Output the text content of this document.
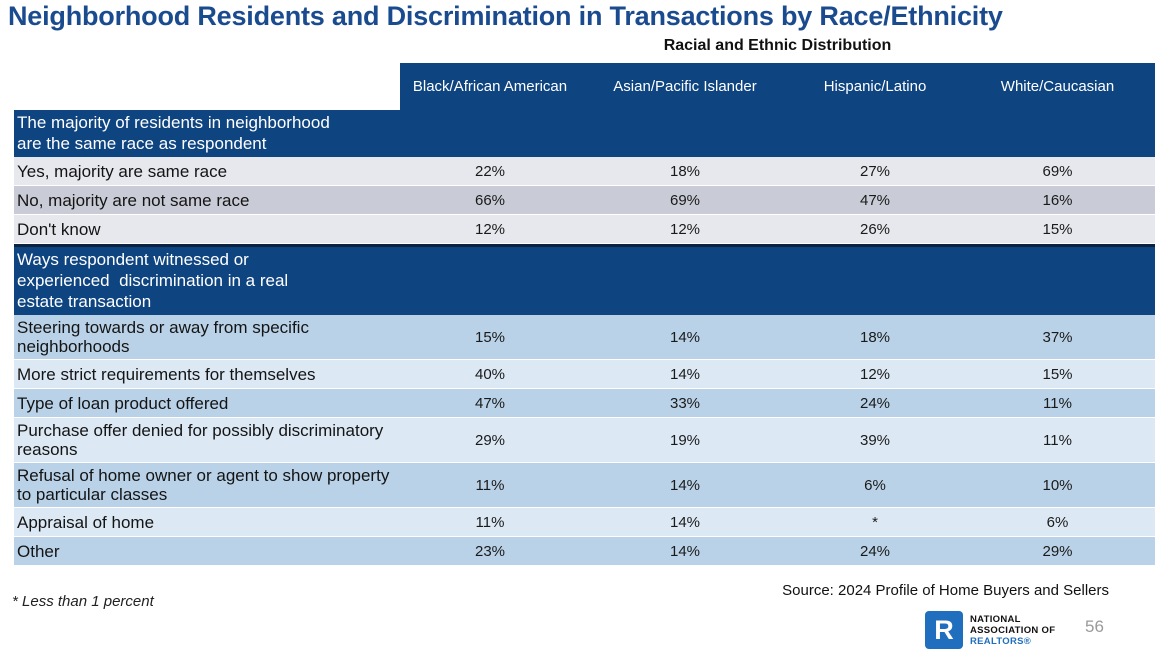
Neighborhood Residents and Discrimination in Transactions by Race/Ethnicity
Racial and Ethnic Distribution
Black/African American	Asian/Pacific Islander	Hispanic/Latino	White/Caucasian
The majority of residents in neighborhood are the same race as respondent
Yes, majority are same race	22%	18%	27%	69%
No, majority are not same race	66%	69%	47%	16%
Don't know	12%	12%	26%	15%
Ways respondent witnessed or experienced  discrimination in a real estate transaction
Steering towards or away from specific neighborhoods	15%	14%	18%	37%
More strict requirements for themselves	40%	14%	12%	15%
Type of loan product offered	47%	33%	24%	11%
Purchase offer denied for possibly discriminatory reasons	29%	19%	39%	11%
Refusal of home owner or agent to show property to particular classes	11%	14%	6%	10%
Appraisal of home	11%	14%	*	6%
Other	23%	14%	24%	29%
* Less than 1 percent
Source: 2024 Profile of Home Buyers and Sellers
R	NATIONAL
ASSOCIATION OF
REALTORS®
56
